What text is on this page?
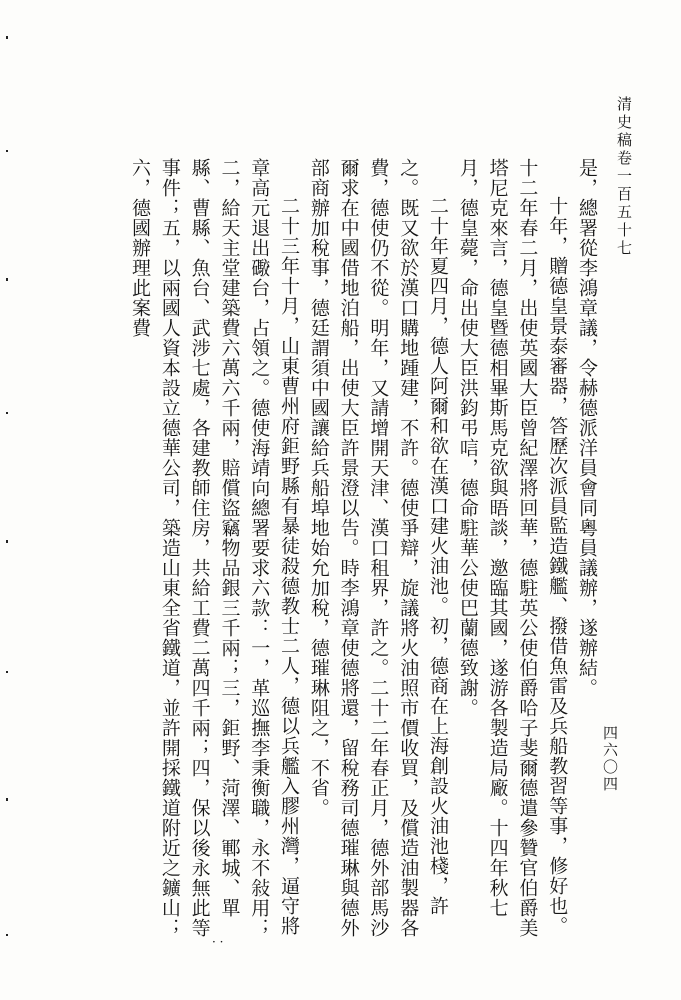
清史稿卷一百五十七
四六〇四

是，總署從李鴻章議，令赫德派洋員會同粵員議辦，遂辦結。

十年，贈德皇景泰審器，答歷次派員監造鐵艦、撥借魚雷及兵船教習等事，修好也。十二年春二月，出使英國大臣曾紀澤將回華，德駐英公使伯爵哈子斐爾德遣參贊官伯爵美塔尼克來言，德皇暨德相畢斯馬克欲與晤談，邀臨其國，遂游各製造局廠。十四年秋七月，德皇薨，命出使大臣洪鈞弔唁，德命駐華公使巴蘭德致謝。

二十年夏四月，德人阿爾和欲在漢口建火油池。初，德商在上海創設火油池棧，許之。既又欲於漢口購地踵建，不許。德使爭辯，旋議將火油照市價收買，及償造油製器各費，德使仍不從。明年，又請增開天津、漢口租界，許之。二十二年春正月，德外部馬沙爾求在中國借地泊船，出使大臣許景澄以告。時李鴻章使德將還，留稅務司德璀琳與德外部商辦加稅事，德廷謂須中國讓給兵船埠地始允加稅，德璀琳阻之，不省。

二十三年十月，山東曹州府鉅野縣有暴徒殺德教士二人，德以兵艦入膠州灣，逼守將章高元退出礮台，占領之。德使海靖向總署要求六款：一，革巡撫李秉衡職，永不敍用；二，給天主堂建築費六萬六千兩，賠償盜竊物品銀三千兩；三，鉅野、菏澤、鄆城、單縣、曹縣、魚台、武涉七處，各建教師住房，共給工費二萬四千兩；四，保以後永無此等事件；五，以兩國人資本設立德華公司，築造山東全省鐵道，並許開採鐵道附近之鑛山；六，德國辦理此案費

· ·
